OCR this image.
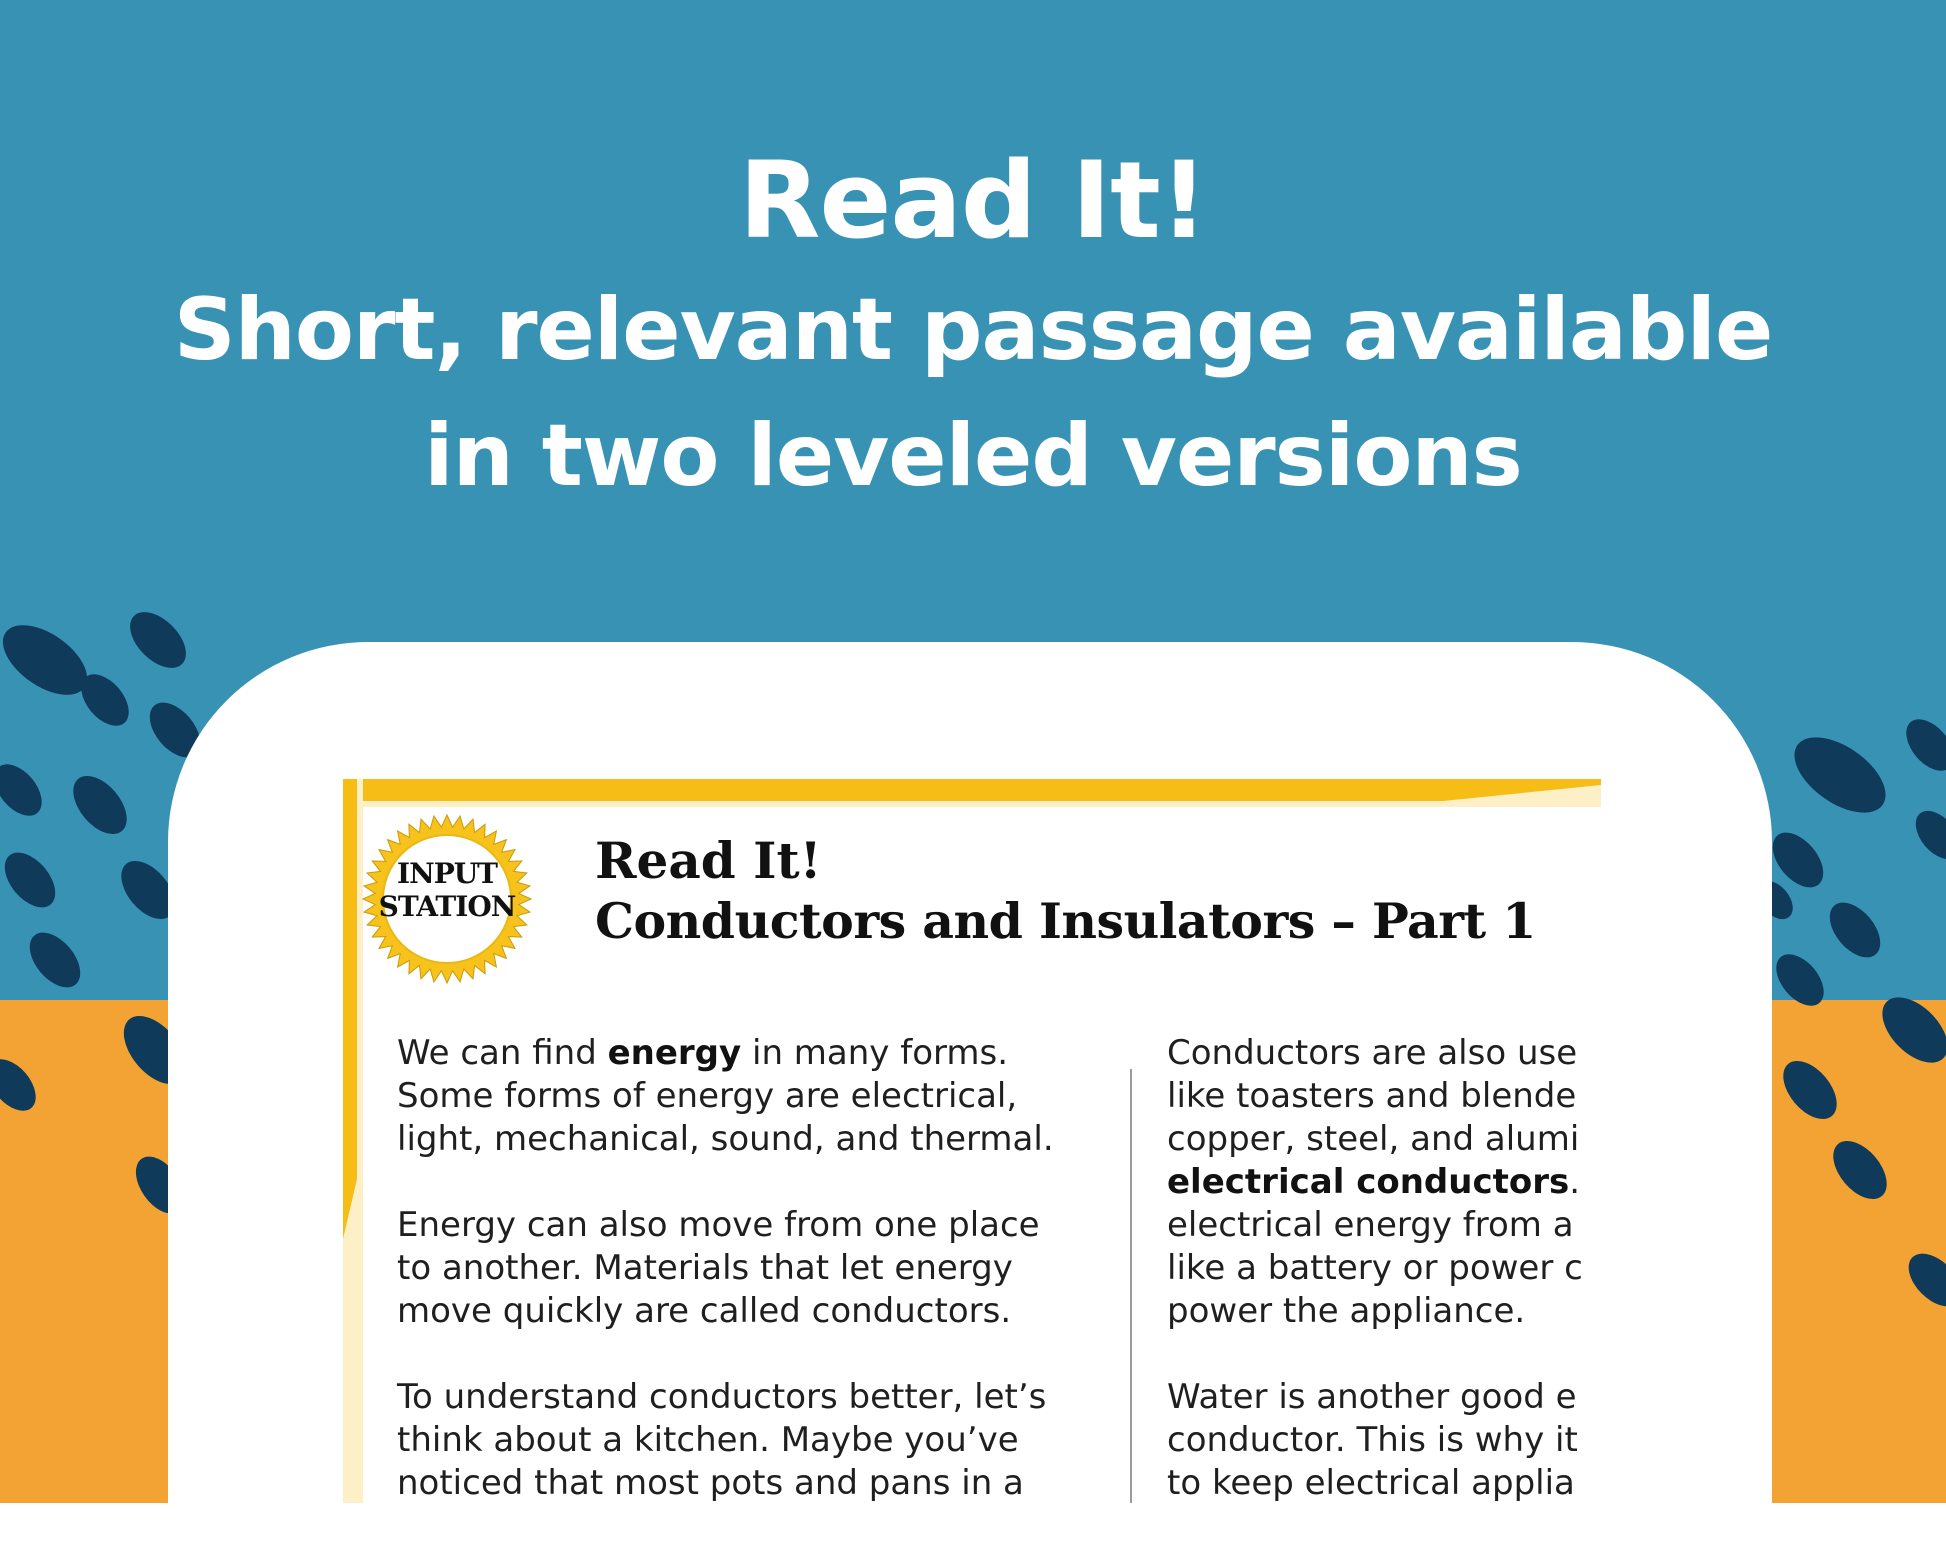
Read It!
Short, relevant passage available
in two leveled versions
INPUT
STATION
Read It!
Conductors and Insulators – Part 1

We can find energy in many forms.
Some forms of energy are electrical,
light, mechanical, sound, and thermal.

Energy can also move from one place
to another. Materials that let energy
move quickly are called conductors.

To understand conductors better, let’s
think about a kitchen. Maybe you’ve
noticed that most pots and pans in a

Conductors are also use
like toasters and blende
copper, steel, and alumi
electrical conductors.
electrical energy from a
like a battery or power c
power the appliance.

Water is another good e
conductor. This is why it
to keep electrical applia
